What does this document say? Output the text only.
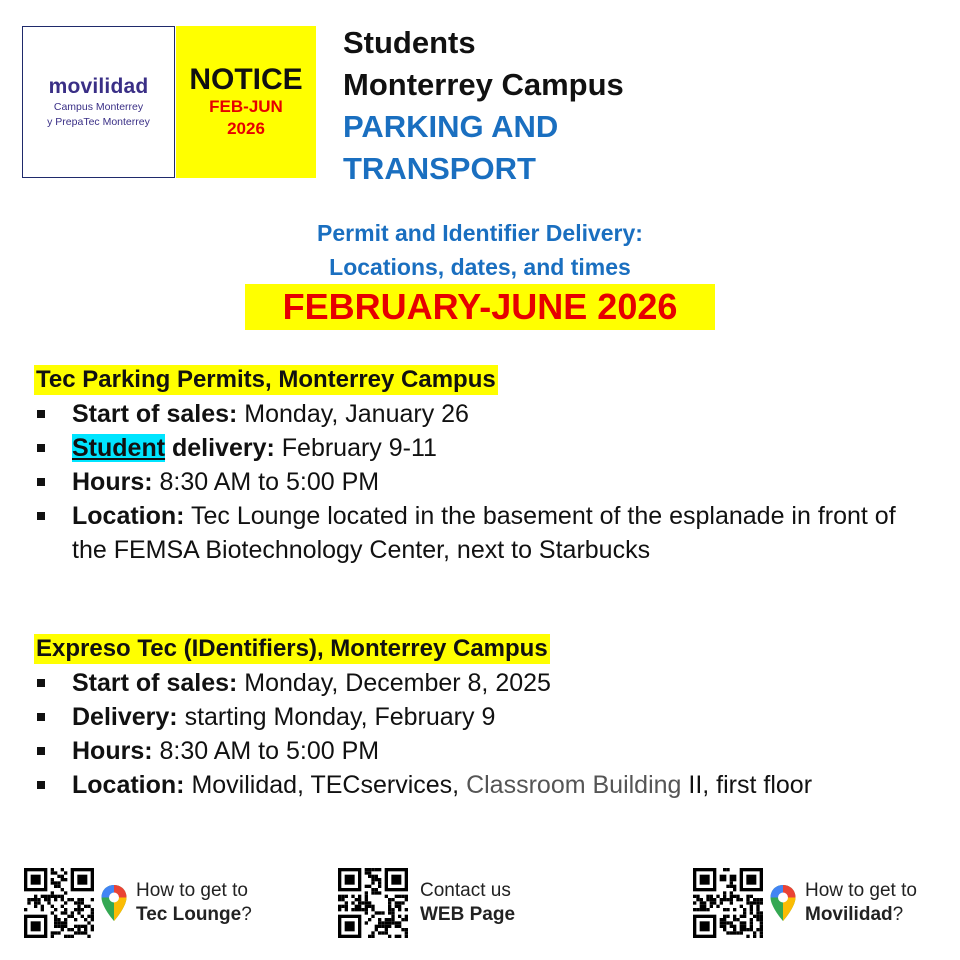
movilidad
Campus Monterrey
y PrepaTec Monterrey
NOTICE
FEB-JUN
2026
Students
Monterrey Campus
PARKING AND
TRANSPORT
Permit and Identifier Delivery:
Locations, dates, and times
FEBRUARY-JUNE 2026
Tec Parking Permits, Monterrey Campus
Start of sales: Monday, January 26
Student delivery: February 9-11
Hours: 8:30 AM to 5:00 PM
Location: Tec Lounge located in the basement of the esplanade in front of the FEMSA Biotechnology Center, next to Starbucks
Expreso Tec (IDentifiers), Monterrey Campus
Start of sales: Monday, December 8, 2025
Delivery: starting Monday, February 9
Hours: 8:30 AM to 5:00 PM
Location: Movilidad, TECservices, Classroom Building II, first floor
How to get to
Tec Lounge?
Contact us
WEB Page
How to get to
Movilidad?
